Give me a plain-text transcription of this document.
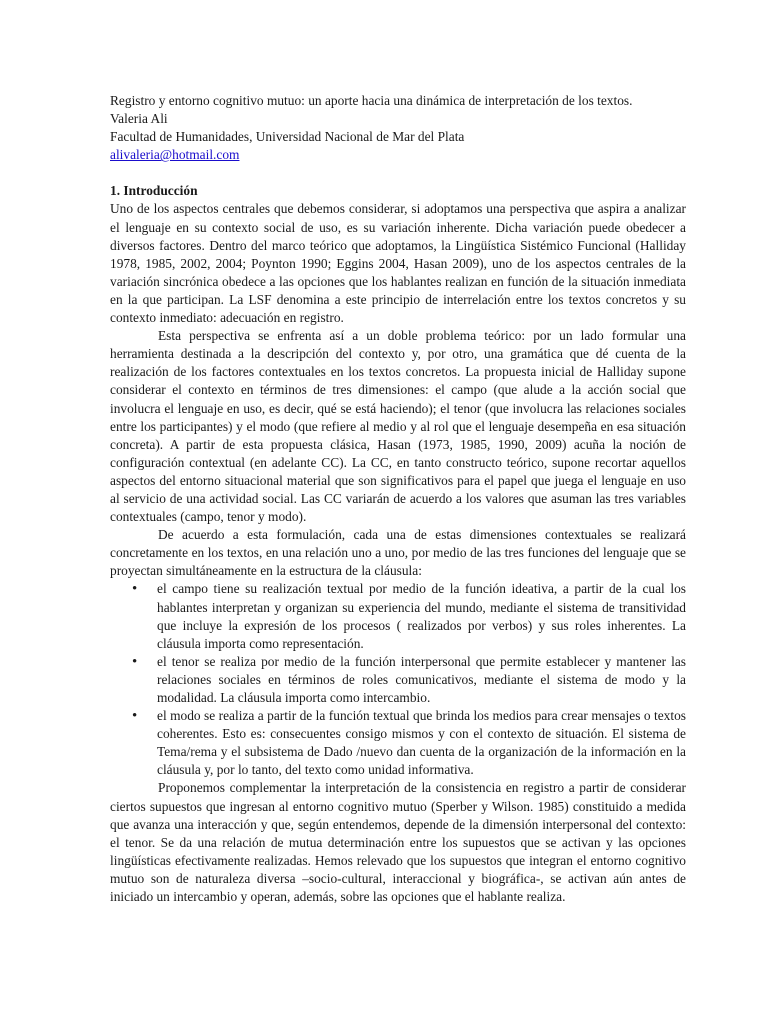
Registro y entorno cognitivo mutuo: un aporte hacia una dinámica de interpretación de los textos.

Valeria Ali

Facultad de Humanidades, Universidad Nacional de Mar del Plata

alivaleria@hotmail.com

1. Introducción

Uno de los aspectos centrales que debemos considerar, si adoptamos una perspectiva que aspira a analizar el lenguaje en su contexto social de uso, es su variación inherente. Dicha variación puede obedecer a diversos factores. Dentro del marco teórico que adoptamos, la Lingüística Sistémico Funcional (Halliday 1978, 1985, 2002, 2004; Poynton 1990; Eggins 2004, Hasan 2009), uno de los aspectos centrales de la variación sincrónica obedece a las opciones que los hablantes realizan en función de la situación inmediata en la que participan. La LSF denomina a este principio de interrelación entre los textos concretos y su contexto inmediato: adecuación en registro.

Esta perspectiva se enfrenta así a un doble problema teórico: por un lado formular una herramienta destinada a la descripción del contexto y, por otro, una gramática que dé cuenta de la realización de los factores contextuales en los textos concretos. La propuesta inicial de Halliday supone considerar el contexto en términos de tres dimensiones: el campo (que alude a la acción social que involucra el lenguaje en uso, es decir, qué se está haciendo); el tenor (que involucra las relaciones sociales entre los participantes) y el modo (que refiere al medio y al rol que el lenguaje desempeña en esa situación concreta). A partir de esta propuesta clásica, Hasan (1973, 1985, 1990, 2009) acuña la noción de configuración contextual (en adelante CC). La CC, en tanto constructo teórico, supone recortar aquellos aspectos del entorno situacional material que son significativos para el papel que juega el lenguaje en uso al servicio de una actividad social. Las CC variarán de acuerdo a los valores que asuman las tres variables contextuales (campo, tenor y modo).

De acuerdo a esta formulación, cada una de estas dimensiones contextuales se realizará concretamente en los textos, en una relación uno a uno, por medio de las tres funciones del lenguaje que se proyectan simultáneamente en la estructura de la cláusula:

• el campo tiene su realización textual por medio de la función ideativa, a partir de la cual los hablantes interpretan y organizan su experiencia del mundo, mediante el sistema de transitividad que incluye la expresión de los procesos ( realizados por verbos) y sus roles inherentes. La cláusula importa como representación.
• el tenor se realiza por medio de la función interpersonal que permite establecer y mantener las relaciones sociales en términos de roles comunicativos, mediante el sistema de modo y la modalidad. La cláusula importa como intercambio.
• el modo se realiza a partir de la función textual que brinda los medios para crear mensajes o textos coherentes. Esto es: consecuentes consigo mismos y con el contexto de situación. El sistema de Tema/rema y el subsistema de Dado /nuevo dan cuenta de la organización de la información en la cláusula y, por lo tanto, del texto como unidad informativa.

Proponemos complementar la interpretación de la consistencia en registro a partir de considerar ciertos supuestos que ingresan al entorno cognitivo mutuo (Sperber y Wilson. 1985) constituido a medida que avanza una interacción y que, según entendemos, depende de la dimensión interpersonal del contexto: el tenor. Se da una relación de mutua determinación entre los supuestos que se activan y las opciones lingüísticas efectivamente realizadas. Hemos relevado que los supuestos que integran el entorno cognitivo mutuo son de naturaleza diversa –socio-cultural, interaccional y biográfica-, se activan aún antes de iniciado un intercambio y operan, además, sobre las opciones que el hablante realiza.
